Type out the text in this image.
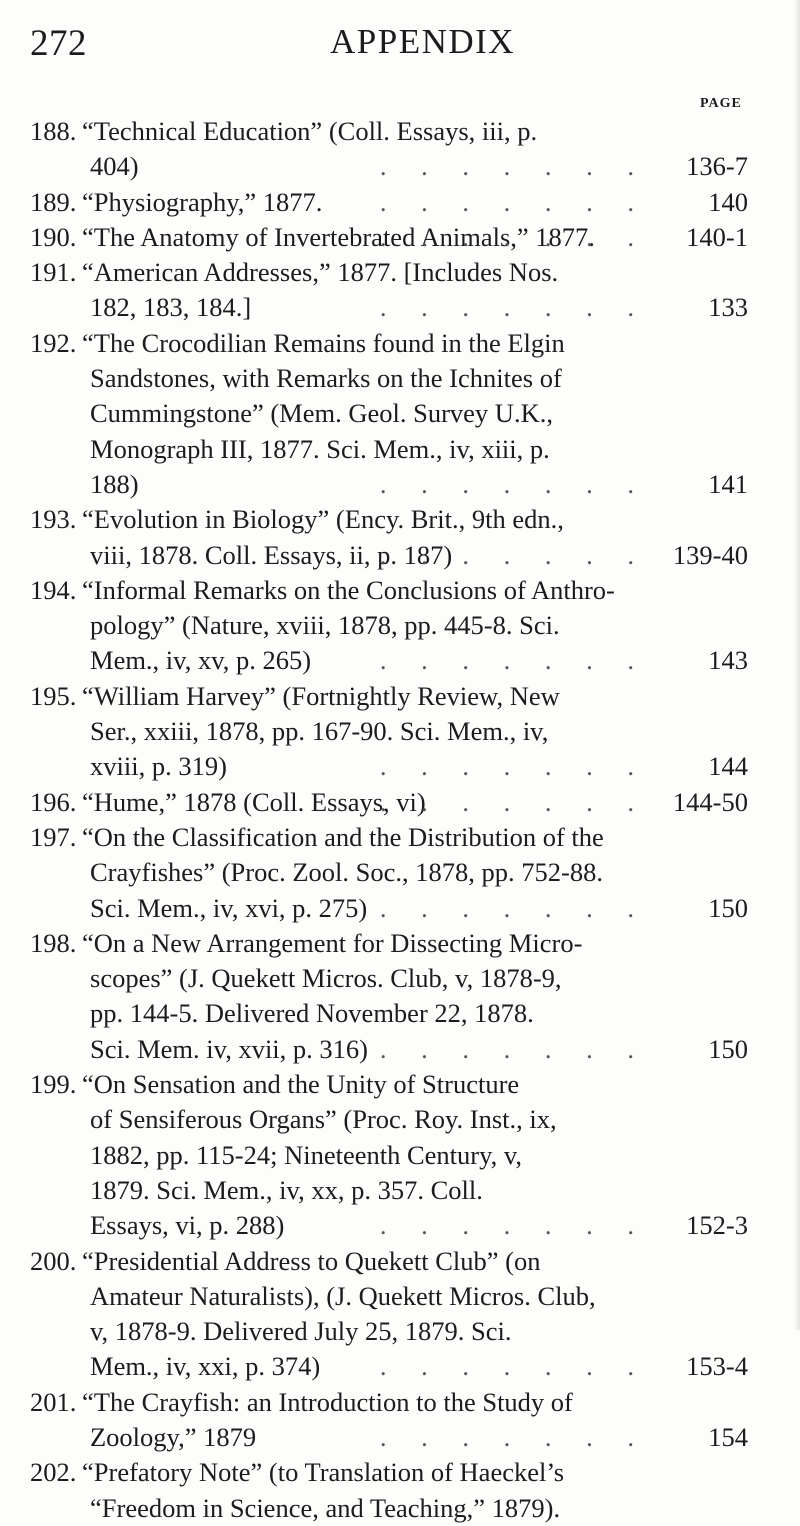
272	APPENDIX
PAGE
188. “Technical Education” (Coll. Essays, iii, p.
404)	136-7
. . .
189. “Physiography,” 1877.	140
. . .
190. “The Anatomy of Invertebrated Animals,” 1877.	140-1
. . .
191. “American Addresses,” 1877. [Includes Nos.
182, 183, 184.]	133
. . .
192. “The Crocodilian Remains found in the Elgin
Sandstones, with Remarks on the Ichnites of
Cummingstone” (Mem. Geol. Survey U.K.,
Monograph III, 1877. Sci. Mem., iv, xiii, p.
188)	141
. . .
193. “Evolution in Biology” (Ency. Brit., 9th edn.,
viii, 1878. Coll. Essays, ii, p. 187)	139-40
. . .
194. “Informal Remarks on the Conclusions of Anthro-
pology” (Nature, xviii, 1878, pp. 445-8. Sci.
Mem., iv, xv, p. 265)	143
. . .
195. “William Harvey” (Fortnightly Review, New
Ser., xxiii, 1878, pp. 167-90. Sci. Mem., iv,
xviii, p. 319)	144
. . .
196. “Hume,” 1878 (Coll. Essays, vi)	144-50
. . .
197. “On the Classification and the Distribution of the
Crayfishes” (Proc. Zool. Soc., 1878, pp. 752-88.
Sci. Mem., iv, xvi, p. 275)	150
. . .
198. “On a New Arrangement for Dissecting Micro-
scopes” (J. Quekett Micros. Club, v, 1878-9,
pp. 144-5. Delivered November 22, 1878.
Sci. Mem. iv, xvii, p. 316)	150
. . .
199. “On Sensation and the Unity of Structure
of Sensiferous Organs” (Proc. Roy. Inst., ix,
1882, pp. 115-24; Nineteenth Century, v,
1879. Sci. Mem., iv, xx, p. 357. Coll.
Essays, vi, p. 288)	152-3
. . .
200. “Presidential Address to Quekett Club” (on
Amateur Naturalists), (J. Quekett Micros. Club,
v, 1878-9. Delivered July 25, 1879. Sci.
Mem., iv, xxi, p. 374)	153-4
. . .
201. “The Crayfish: an Introduction to the Study of
Zoology,” 1879	154
. . .
202. “Prefatory Note” (to Translation of Haeckel’s
“Freedom in Science, and Teaching,” 1879).
